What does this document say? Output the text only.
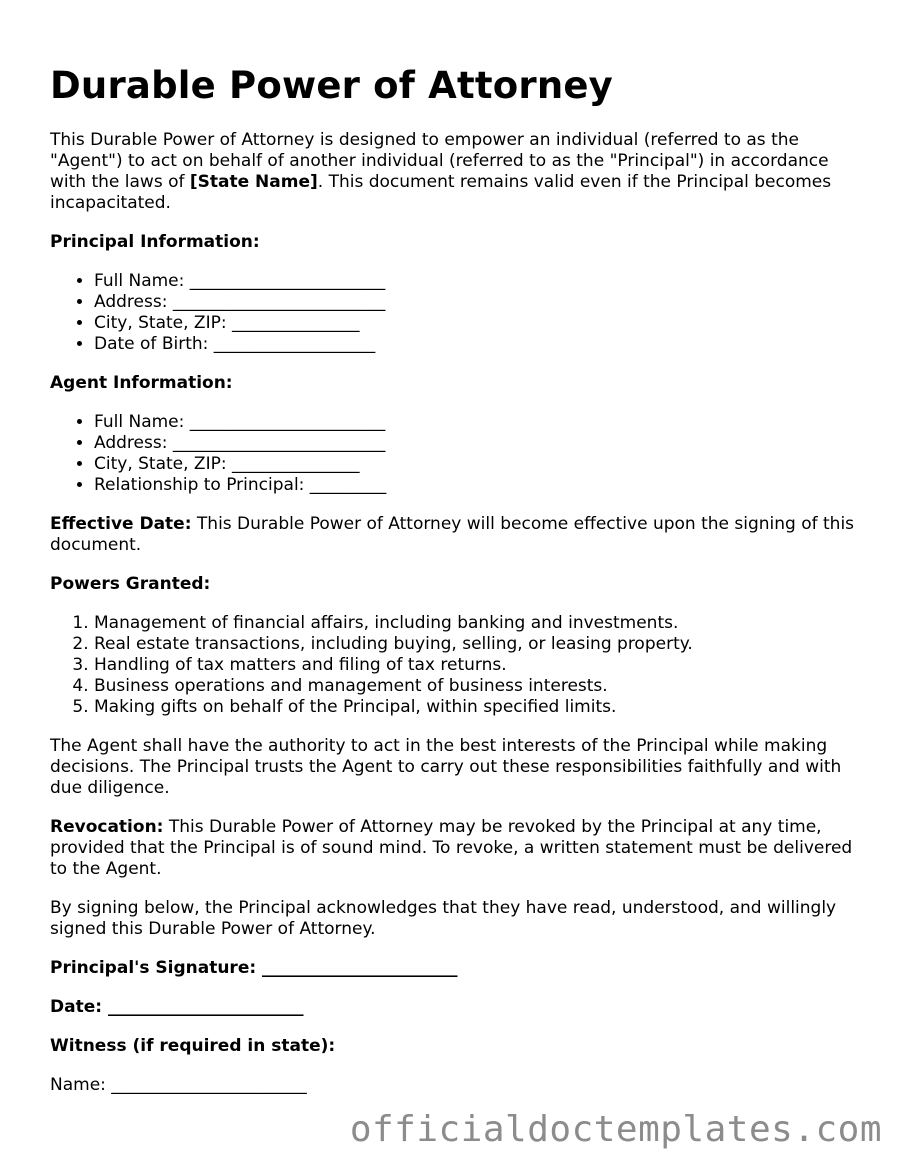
Durable Power of Attorney

This Durable Power of Attorney is designed to empower an individual (referred to as the "Agent") to act on behalf of another individual (referred to as the "Principal") in accordance with the laws of [State Name]. This document remains valid even if the Principal becomes incapacitated.

Principal Information:

• Full Name: _______________________
• Address: _________________________
• City, State, ZIP: _______________
• Date of Birth: ___________________

Agent Information:

• Full Name: _______________________
• Address: _________________________
• City, State, ZIP: _______________
• Relationship to Principal: _________

Effective Date: This Durable Power of Attorney will become effective upon the signing of this document.

Powers Granted:

1. Management of financial affairs, including banking and investments.
2. Real estate transactions, including buying, selling, or leasing property.
3. Handling of tax matters and filing of tax returns.
4. Business operations and management of business interests.
5. Making gifts on behalf of the Principal, within specified limits.

The Agent shall have the authority to act in the best interests of the Principal while making decisions. The Principal trusts the Agent to carry out these responsibilities faithfully and with due diligence.

Revocation: This Durable Power of Attorney may be revoked by the Principal at any time, provided that the Principal is of sound mind. To revoke, a written statement must be delivered to the Agent.

By signing below, the Principal acknowledges that they have read, understood, and willingly signed this Durable Power of Attorney.

Principal's Signature: _______________________

Date: _______________________

Witness (if required in state):

Name: _______________________

officialdoctemplates.com
